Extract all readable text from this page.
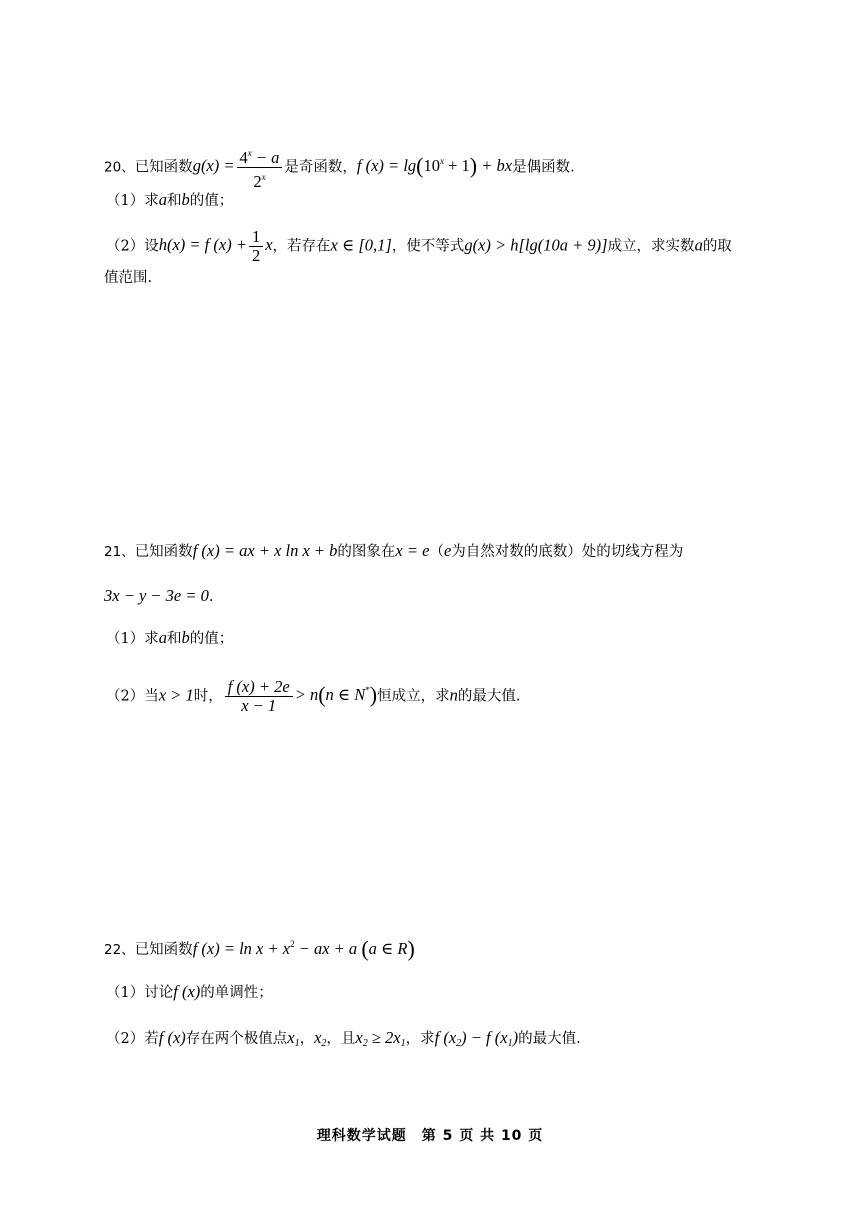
20、已知函数$g(x) = \frac{4^x - a}{2^x}$ 是奇函数，f $(x) = \lg(10^x + 1)$ + bx是偶函数.
（1）求a和b的值；
（2）设h(x) = f $(x) + \frac{1}{2}$ x，若存在x ∈ [0,1]，使不等式g(x) > h[lg(10a + 9)]成立，求实数a的取
值范围.
21、已知函数f (x) = ax + x ln x + b的图象在x = e（e为自然对数的底数）处的切线方程为
3x − y − 3e = 0.
（1）求a和b的值；
（2）当x > 1时， $\frac{f (x) + 2e}{x - 1} > n(n$ ∈ N*)恒成立，求n的最大值.
22、已知函数f $(x) = \ln x + x^2$ − ax + a (a ∈ R)
（1）讨论f (x)的单调性；
（2）若f (x)存在两个极值点$x_1$，$x_2$，且$x_2 \ge 2x_1$，求f $(x_2) - f$ $(x_1)$的最大值.
理科数学试题　第 5 页 共 10 页
